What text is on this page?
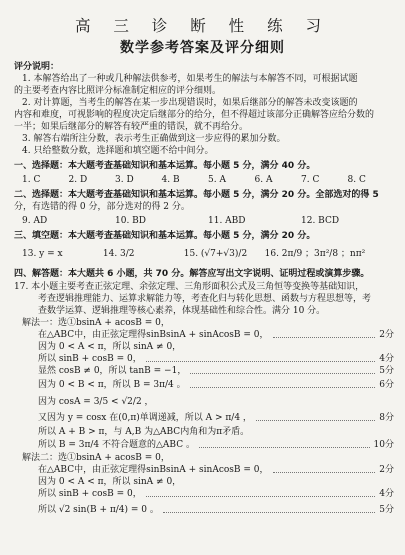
高 三 诊 断 性 练 习
数学参考答案及评分细则
评分说明：
1. 本解答给出了一种或几种解法供参考，如果考生的解法与本解答不同，可根据试题
的主要考查内容比照评分标准制定相应的评分细则。
2. 对计算题，当考生的解答在某一步出现错误时，如果后继部分的解答未改变该题的
内容和难度，可视影响的程度决定后继部分的给分，但不得超过该部分正确解答应给分数的
一半；如果后继部分的解答有较严重的错误，就不再给分。
3. 解答右端所注分数，表示考生正确做到这一步应得的累加分数。
4. 只给整数分数，选择题和填空题不给中间分。
一、选择题：本大题考查基础知识和基本运算。每小题 5 分，满分 40 分。
1. C	2. D	3. D	4. B	5. A	6. A	7. C	8. C
二、选择题：本大题考查基础知识和基本运算。每小题 5 分，满分 20 分。全部选对的得 5
分，有选错的得 0 分，部分选对的得 2 分。
9. AD	10. BD	11. ABD	12. BCD
三、填空题：本大题考查基础知识和基本运算。每小题 5 分，满分 20 分。
13. y = x	14. 3/2	15. (√7+√3)/2	16. 2π/9 ；3π²/8 ；nπ²
四、解答题：本大题共 6 小题，共 70 分。解答应写出文字说明、证明过程或演算步骤。
17. 本小题主要考查正弦定理、余弦定理、三角形面积公式及三角恒等变换等基础知识，
考查逻辑推理能力、运算求解能力等，考查化归与转化思想、函数与方程思想等，考
查数学运算、逻辑推理等核心素养，体现基础性和综合性。满分 10 分。
解法一：选①bsinA + acosB = 0，
在△ABC中，由正弦定理得sinBsinA + sinAcosB = 0，	2分
因为 0 < A < π，所以 sinA ≠ 0，
所以 sinB + cosB = 0，	4分
显然 cosB ≠ 0，所以 tanB = −1，	5分
因为 0 < B < π，所以 B = 3π/4 。	6分
因为 cosA = 3/5 < √2/2 ，
又因为 y = cosx 在(0,π)单调递减，所以 A > π/4 ，	8分
所以 A + B > π，与 A,B 为△ABC内角和为π矛盾。
所以 B = 3π/4 不符合题意的△ABC 。	10分
解法二：选①bsinA + acosB = 0，
在△ABC中，由正弦定理得sinBsinA + sinAcosB = 0，	2分
因为 0 < A < π，所以 sinA ≠ 0，
所以 sinB + cosB = 0，	4分
所以 √2 sin(B + π/4) = 0 。	5分
